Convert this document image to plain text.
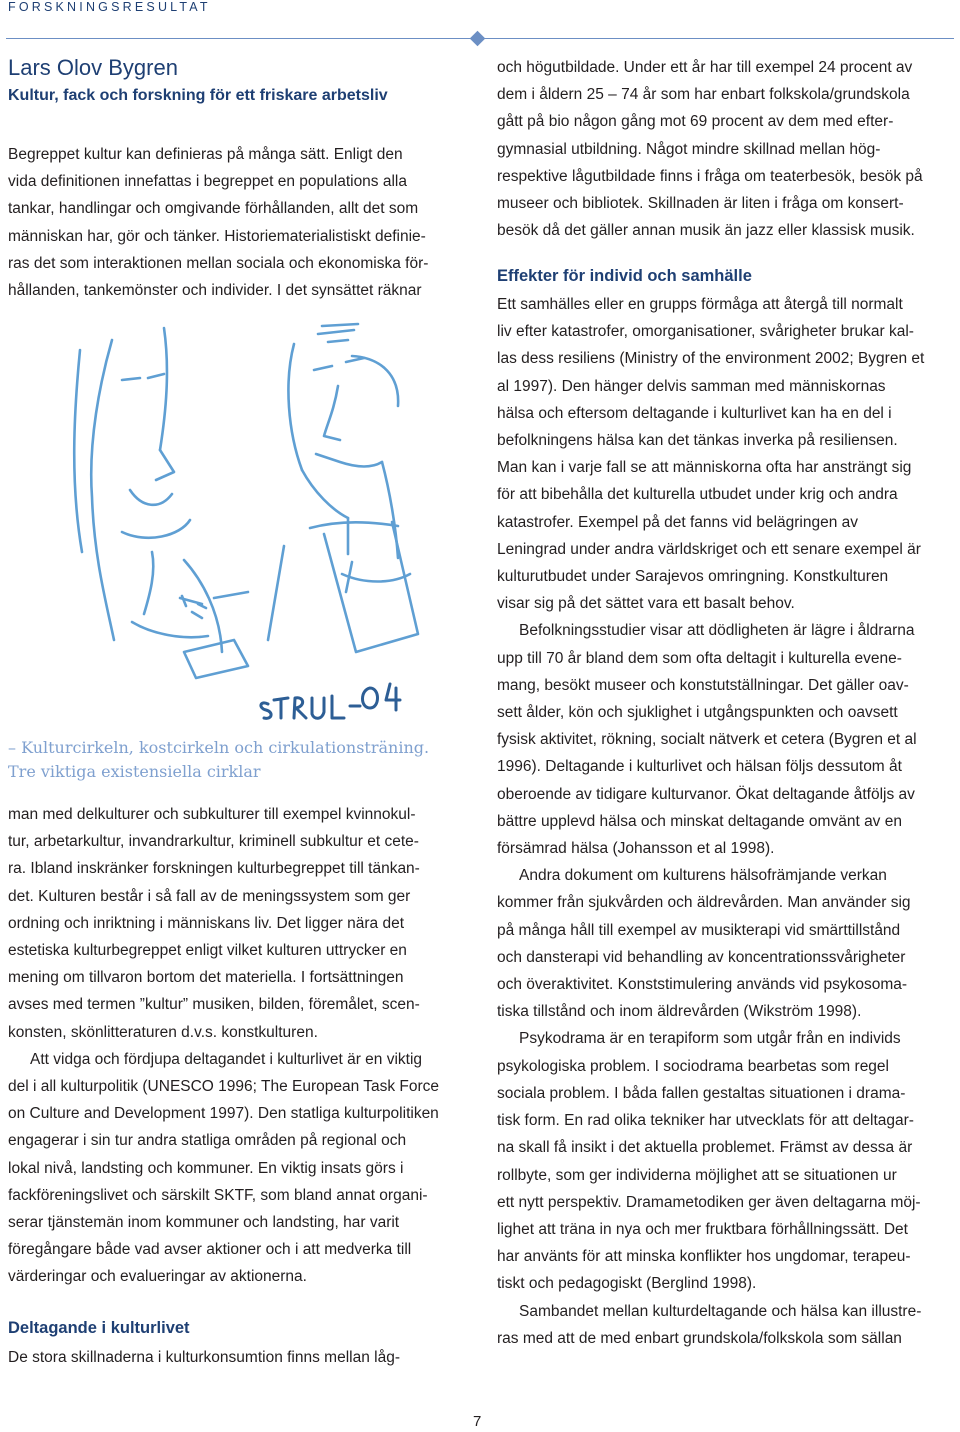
FORSKNINGSRESULTAT
Lars Olov Bygren
Kultur, fack och forskning för ett friskare arbetsliv

Begreppet kultur kan definieras på många sätt. Enligt den

vida definitionen innefattas i begreppet en populations alla

tankar, handlingar och omgivande förhållanden, allt det som

människan har, gör och tänker. Historiematerialistiskt definie-

ras det som interaktionen mellan sociala och ekonomiska för-

hållanden, tankemönster och individer. I det synsättet räknar

– Kulturcirkeln, kostcirkeln och cirkulationsträning.
Tre viktiga existensiella cirklar

man med delkulturer och subkulturer till exempel kvinnokul-

tur, arbetarkultur, invandrarkultur, kriminell subkultur et cete-

ra. Ibland inskränker forskningen kulturbegreppet till tänkan-

det. Kulturen består i så fall av de meningssystem som ger

ordning och inriktning i människans liv. Det ligger nära det

estetiska kulturbegreppet enligt vilket kulturen uttrycker en

mening om tillvaron bortom det materiella. I fortsättningen

avses med termen ”kultur” musiken, bilden, föremålet, scen-

konsten, skönlitteraturen d.v.s. konstkulturen.

Att vidga och fördjupa deltagandet i kulturlivet är en viktig

del i all kulturpolitik (UNESCO 1996; The European Task Force

on Culture and Development 1997). Den statliga kulturpolitiken

engagerar i sin tur andra statliga områden på regional och

lokal nivå, landsting och kommuner. En viktig insats görs i

fackföreningslivet och särskilt SKTF, som bland annat organi-

serar tjänstemän inom kommuner och landsting, har varit

föregångare både vad avser aktioner och i att medverka till

värderingar och evalueringar av aktionerna.

Deltagande i kulturlivet

De stora skillnaderna i kulturkonsumtion finns mellan låg-

och högutbildade. Under ett år har till exempel 24 procent av

dem i åldern 25 – 74 år som har enbart folkskola/grundskola

gått på bio någon gång mot 69 procent av dem med efter-

gymnasial utbildning. Något mindre skillnad mellan hög-

respektive lågutbildade finns i fråga om teaterbesök, besök på

museer och bibliotek. Skillnaden är liten i fråga om konsert-

besök då det gäller annan musik än jazz eller klassisk musik.

Effekter för individ och samhälle

Ett samhälles eller en grupps förmåga att återgå till normalt

liv efter katastrofer, omorganisationer, svårigheter brukar kal-

las dess resiliens (Ministry of the environment 2002; Bygren et

al 1997). Den hänger delvis samman med människornas

hälsa och eftersom deltagande i kulturlivet kan ha en del i

befolkningens hälsa kan det tänkas inverka på resiliensen.

Man kan i varje fall se att människorna ofta har ansträngt sig

för att bibehålla det kulturella utbudet under krig och andra

katastrofer. Exempel på det fanns vid belägringen av

Leningrad under andra världskriget och ett senare exempel är

kulturutbudet under Sarajevos omringning. Konstkulturen

visar sig på det sättet vara ett basalt behov.

Befolkningsstudier visar att dödligheten är lägre i åldrarna

upp till 70 år bland dem som ofta deltagit i kulturella evene-

mang, besökt museer och konstutställningar. Det gäller oav-

sett ålder, kön och sjuklighet i utgångspunkten och oavsett

fysisk aktivitet, rökning, socialt nätverk et cetera (Bygren et al

1996). Deltagande i kulturlivet och hälsan följs dessutom åt

oberoende av tidigare kulturvanor. Ökat deltagande åtföljs av

bättre upplevd hälsa och minskat deltagande omvänt av en

försämrad hälsa (Johansson et al 1998).

Andra dokument om kulturens hälsofrämjande verkan

kommer från sjukvården och äldrevården. Man använder sig

på många håll till exempel av musikterapi vid smärttillstånd

och dansterapi vid behandling av koncentrationssvårigheter

och överaktivitet. Konststimulering används vid psykosoma-

tiska tillstånd och inom äldrevården (Wikström 1998).

Psykodrama är en terapiform som utgår från en individs

psykologiska problem. I sociodrama bearbetas som regel

sociala problem. I båda fallen gestaltas situationen i drama-

tisk form. En rad olika tekniker har utvecklats för att deltagar-

na skall få insikt i det aktuella problemet. Främst av dessa är

rollbyte, som ger individerna möjlighet att se situationen ur

ett nytt perspektiv. Dramametodiken ger även deltagarna möj-

lighet att träna in nya och mer fruktbara förhållningssätt. Det

har använts för att minska konflikter hos ungdomar, terapeu-

tiskt och pedagogiskt (Berglind 1998).

Sambandet mellan kulturdeltagande och hälsa kan illustre-

ras med att de med enbart grundskola/folkskola som sällan

7
